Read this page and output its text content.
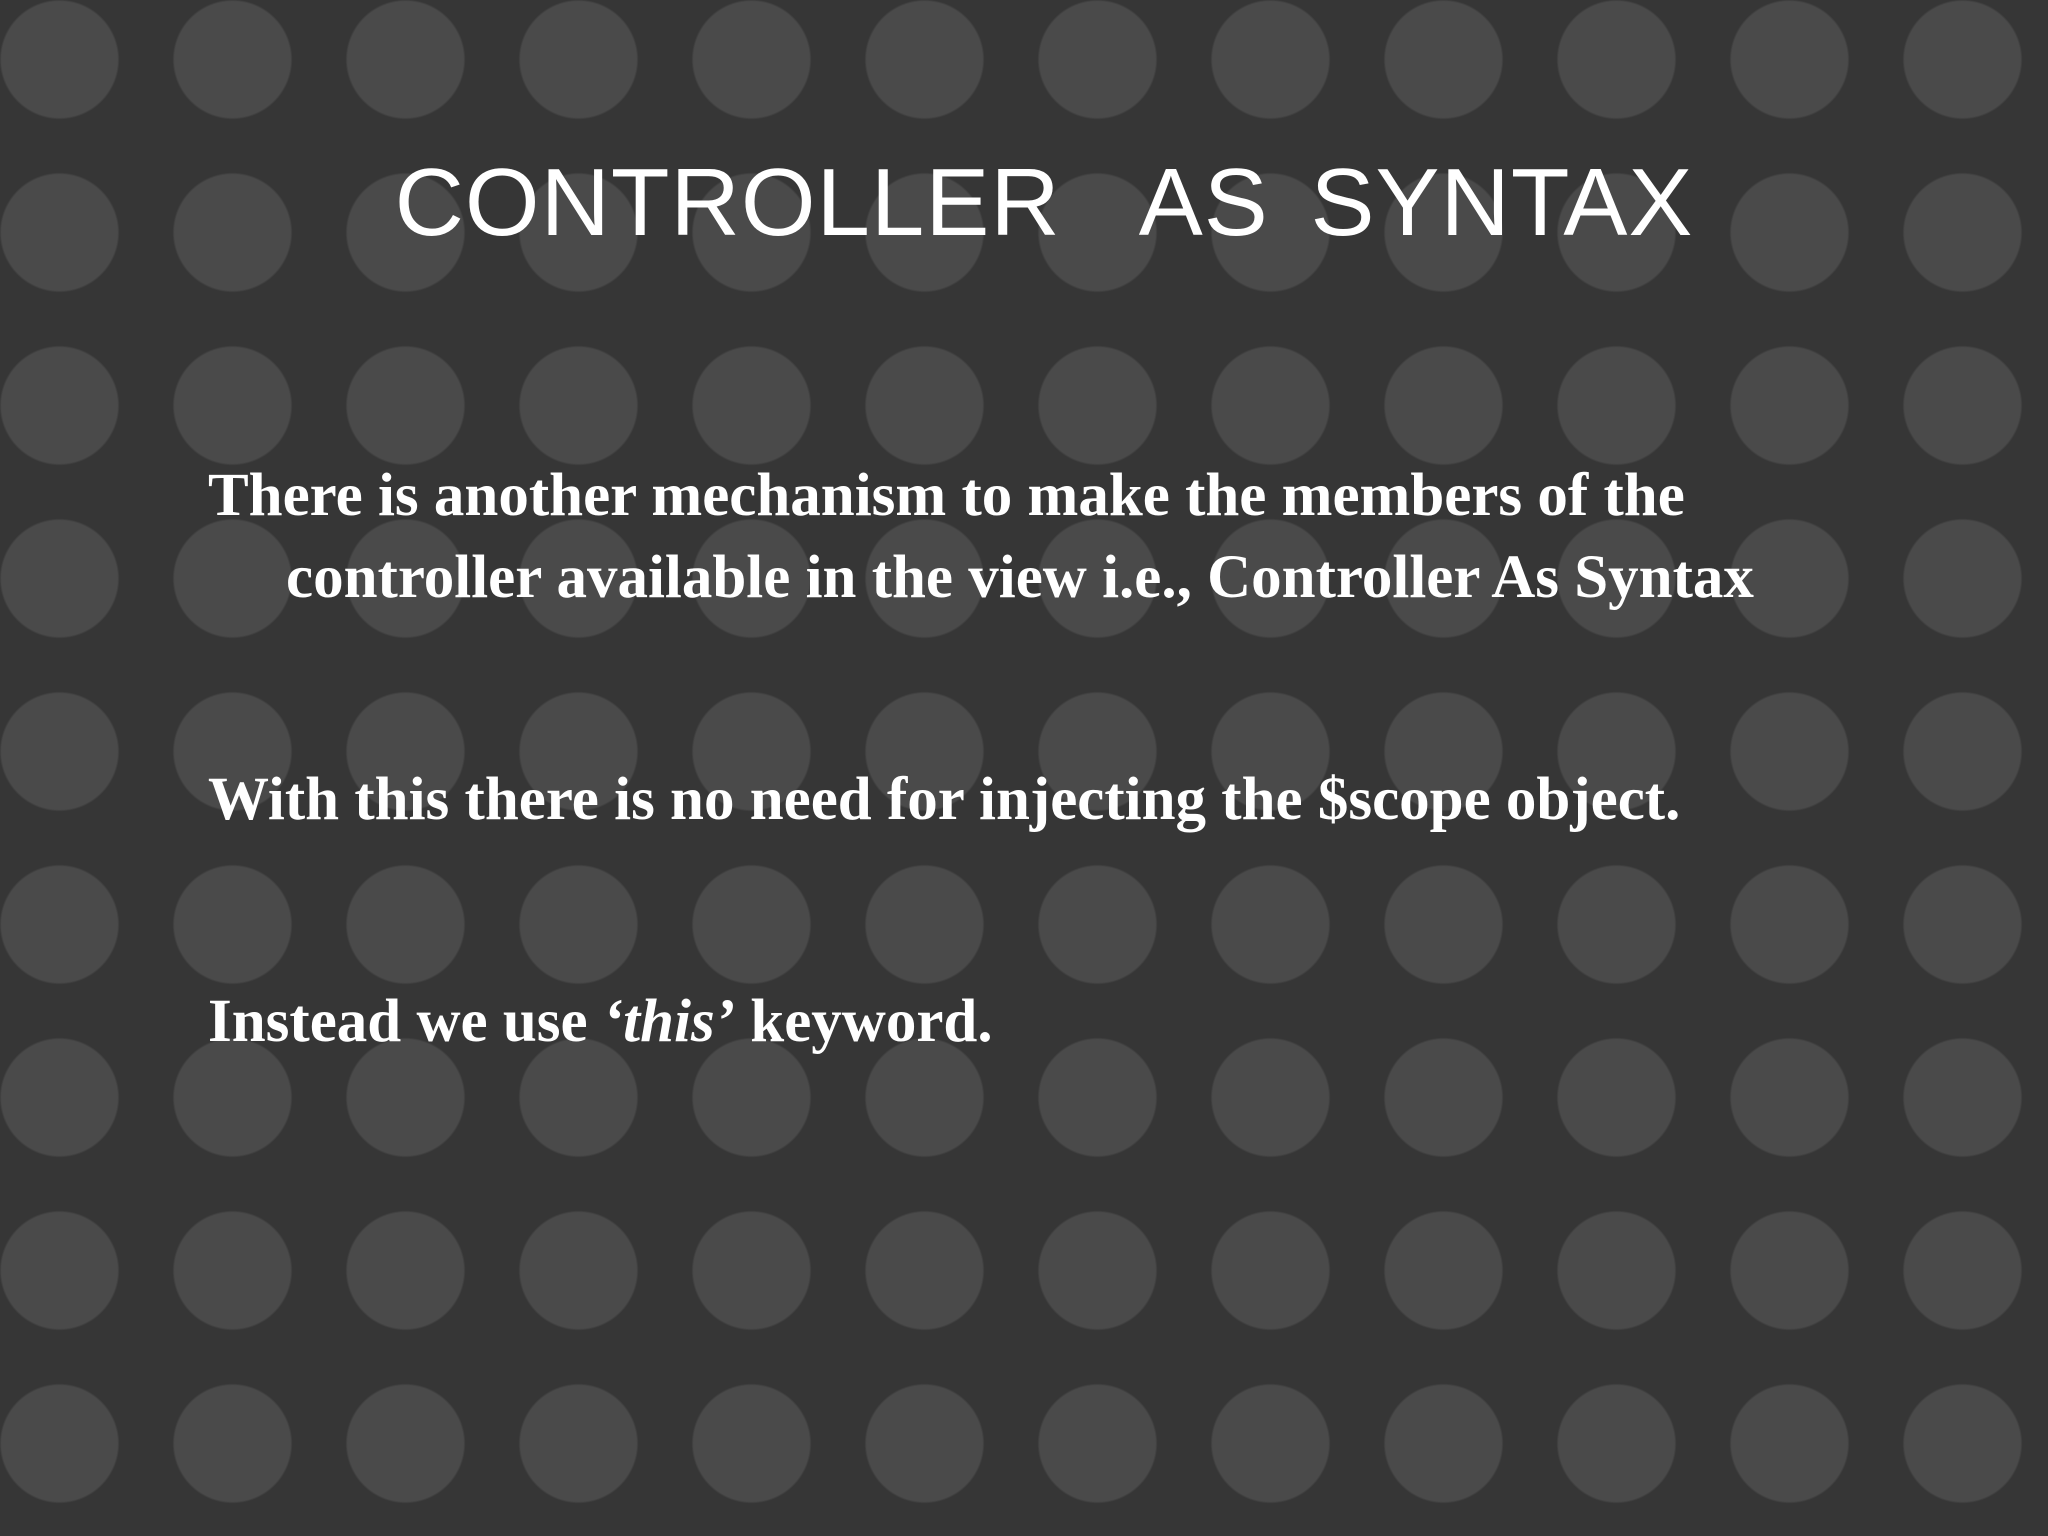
CONTROLLER  AS SYNTAX

There is another mechanism to make the members of the controller available in the view i.e., Controller As Syntax

With this there is no need for injecting the $scope object.

Instead we use ‘this’ keyword.
